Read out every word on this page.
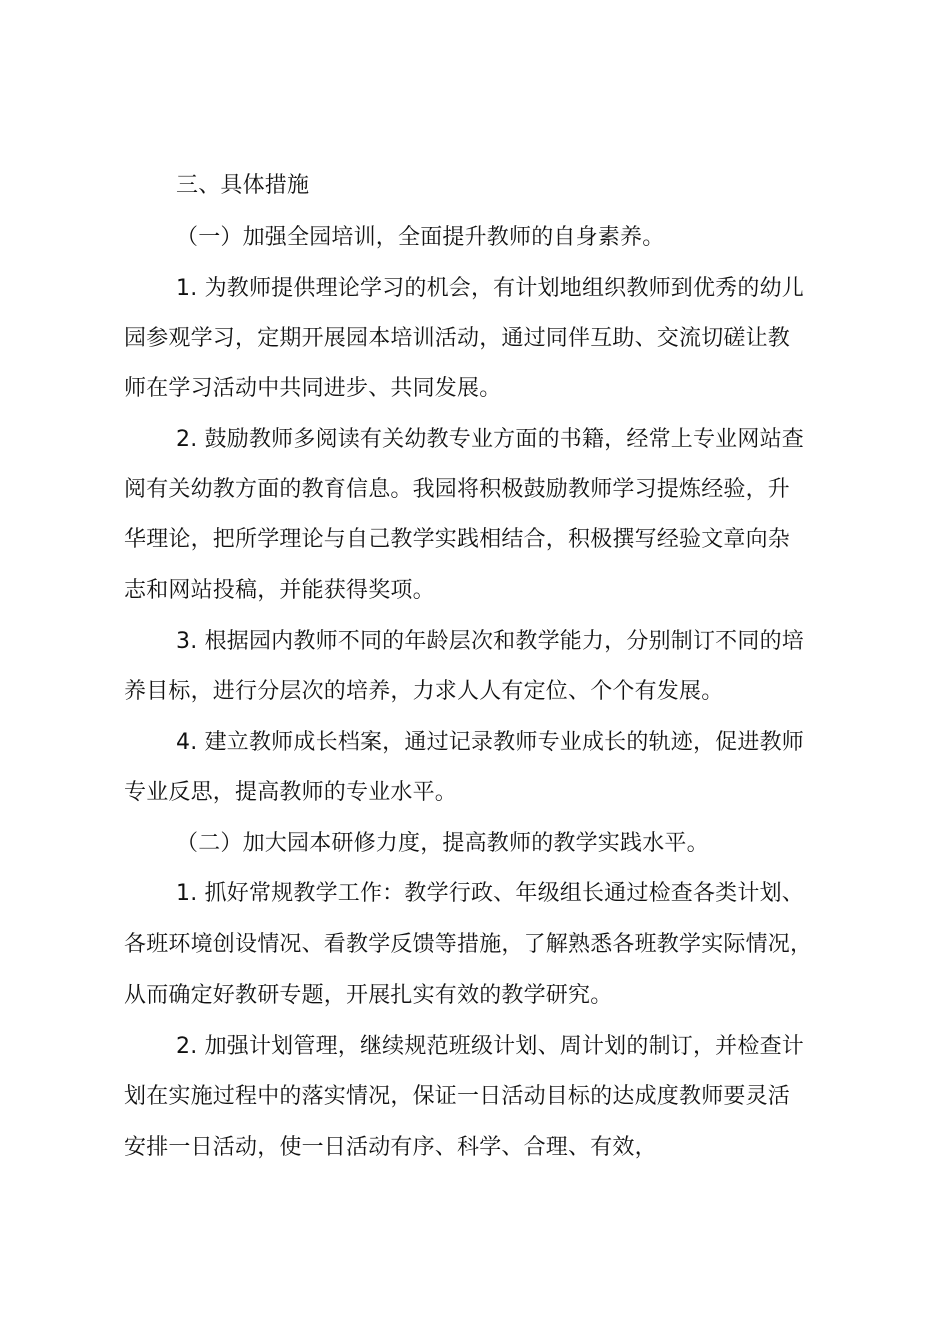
三、具体措施
（一）加强全园培训，全面提升教师的自身素养。
1. 为教师提供理论学习的机会，有计划地组织教师到优秀的幼儿
园参观学习，定期开展园本培训活动，通过同伴互助、交流切磋让教
师在学习活动中共同进步、共同发展。
2. 鼓励教师多阅读有关幼教专业方面的书籍，经常上专业网站查
阅有关幼教方面的教育信息。我园将积极鼓励教师学习提炼经验，升
华理论，把所学理论与自己教学实践相结合，积极撰写经验文章向杂
志和网站投稿，并能获得奖项。
3. 根据园内教师不同的年龄层次和教学能力，分别制订不同的培
养目标，进行分层次的培养，力求人人有定位、个个有发展。
4. 建立教师成长档案，通过记录教师专业成长的轨迹，促进教师
专业反思，提高教师的专业水平。
（二）加大园本研修力度，提高教师的教学实践水平。
1. 抓好常规教学工作：教学行政、年级组长通过检查各类计划、
各班环境创设情况、看教学反馈等措施，了解熟悉各班教学实际情况，
从而确定好教研专题，开展扎实有效的教学研究。
2. 加强计划管理，继续规范班级计划、周计划的制订，并检查计
划在实施过程中的落实情况，保证一日活动目标的达成度教师要灵活
安排一日活动，使一日活动有序、科学、合理、有效，
